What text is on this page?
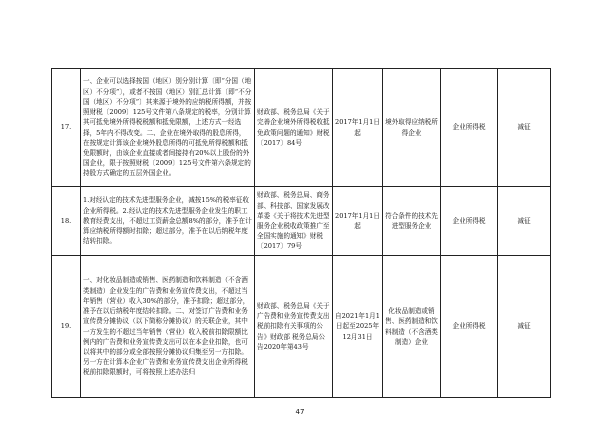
17.	一、企业可以选择按国（地区）别分别计算〔即“分国（地区）不分项”〕，或者不按国（地区）别汇总计算〔即“不分国（地区）不分项”〕其来源于境外的应纳税所得额，并按照财税〔2009〕125号文件第八条规定的税率，分别计算其可抵免境外所得税税额和抵免限额，上述方式一经选择，5年内不得改变。二、企业在境外取得的股息所得，在按规定计算该企业境外股息所得的可抵免所得税额和抵免限额时，由该企业直接或者间接持有20%以上股份的外国企业，限于按照财税〔2009〕125号文件第六条规定的持股方式确定的五层外国企业。	财政部、税务总局《关于完善企业境外所得税收抵免政策问题的通知》财税〔2017〕84号	2017年1月1日起	境外取得应纳税所得企业	企业所得税	减征
18.	1.对经认定的技术先进型服务企业，减按15%的税率征收企业所得税。2.经认定的技术先进型服务企业发生的职工教育经费支出，不超过工资薪金总额8%的部分，准予在计算应纳税所得额时扣除；超过部分，准予在以后纳税年度结转扣除。	财政部、税务总局、商务部、科技部、国家发展改革委《关于将技术先进型服务企业税收政策推广至全国实施的通知》财税〔2017〕79号	2017年1月1日起	符合条件的技术先进型服务企业	企业所得税	减征
19.	一、对化妆品制造或销售、医药制造和饮料制造（不含酒类制造）企业发生的广告费和业务宣传费支出，不超过当年销售（营业）收入30%的部分，准予扣除；超过部分，准予在以后纳税年度结转扣除。二、对签订广告费和业务宣传费分摊协议（以下简称分摊协议）的关联企业，其中一方发生的不超过当年销售（营业）收入税前扣除限额比例内的广告费和业务宣传费支出可以在本企业扣除，也可以将其中的部分或全部按照分摊协议归集至另一方扣除。另一方在计算本企业广告费和业务宣传费支出企业所得税税前扣除限额时，可将按照上述办法归	财政部、税务总局《关于广告费和业务宣传费支出税前扣除有关事项的公告》财政部 税务总局公告2020年第43号	自2021年1月1日起至2025年12月31日	化妆品制造或销售、医药制造和饮料制造（不含酒类制造）企业	企业所得税	减征
47
